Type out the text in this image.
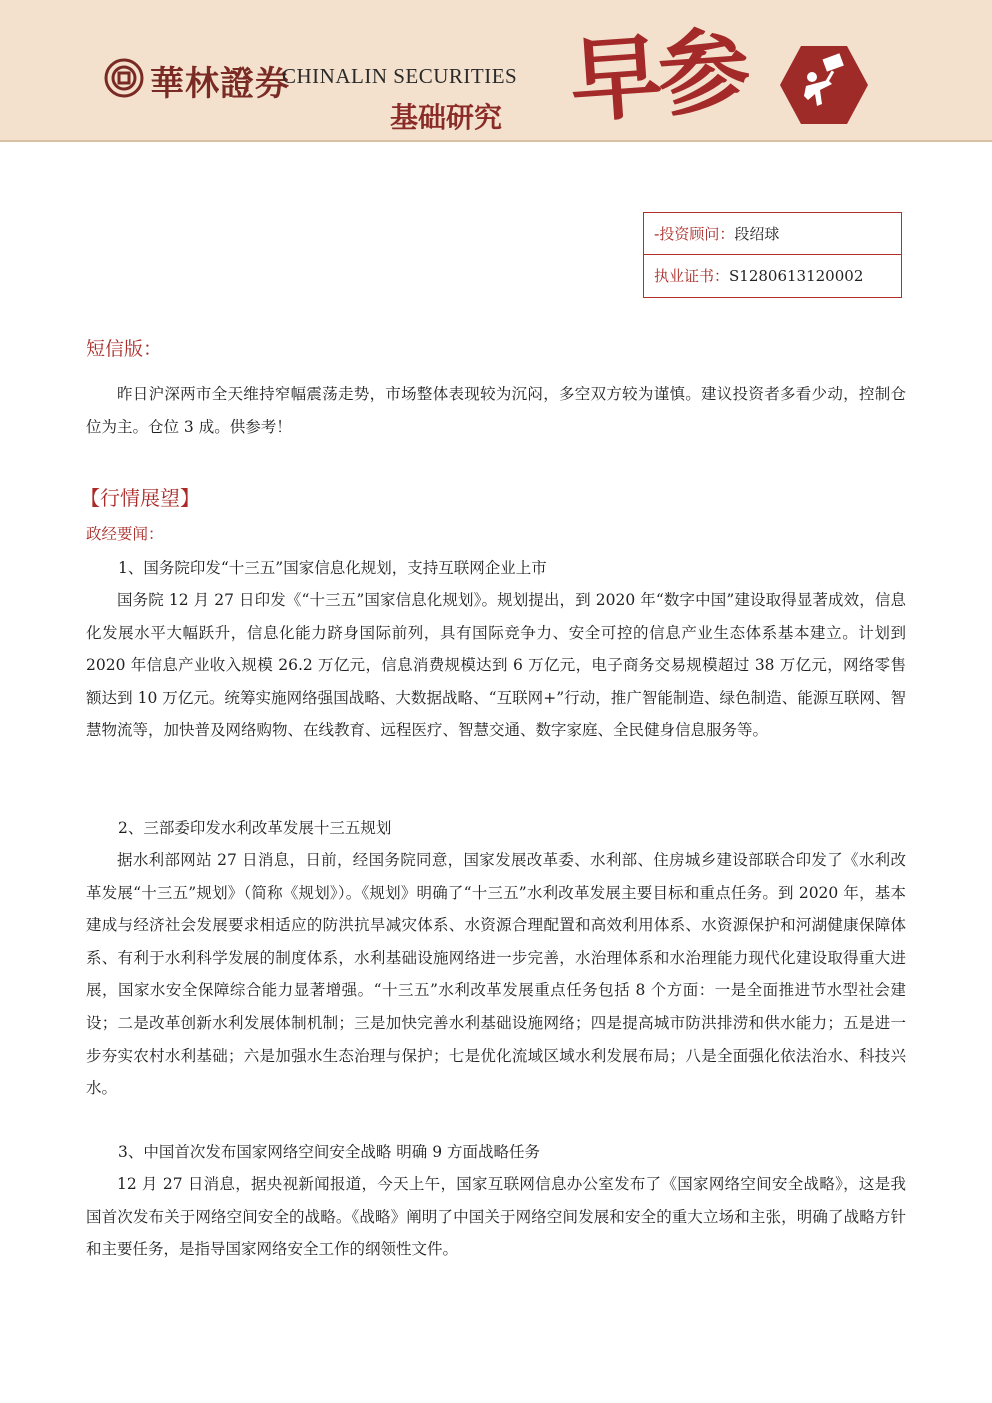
華林證券
CHINALIN SECURITIES
基础研究 早参
-投资顾问：段绍球
执业证书：S1280613120002
短信版：

昨日沪深两市全天维持窄幅震荡走势，市场整体表现较为沉闷，多空双方较为谨慎。建议投资者多看少动，控制仓位为主。仓位 3 成。供参考！

【行情展望】
政经要闻：
1、国务院印发“十三五”国家信息化规划，支持互联网企业上市

国务院 12 月 27 日印发《“十三五”国家信息化规划》。规划提出，到 2020 年“数字中国”建设取得显著成效，信息化发展水平大幅跃升，信息化能力跻身国际前列，具有国际竞争力、安全可控的信息产业生态体系基本建立。计划到 2020 年信息产业收入规模 26.2 万亿元，信息消费规模达到 6 万亿元，电子商务交易规模超过 38 万亿元，网络零售额达到 10 万亿元。统筹实施网络强国战略、大数据战略、“互联网+”行动，推广智能制造、绿色制造、能源互联网、智慧物流等，加快普及网络购物、在线教育、远程医疗、智慧交通、数字家庭、全民健身信息服务等。

2、三部委印发水利改革发展十三五规划

据水利部网站 27 日消息，日前，经国务院同意，国家发展改革委、水利部、住房城乡建设部联合印发了《水利改革发展“十三五”规划》（简称《规划》）。《规划》明确了“十三五”水利改革发展主要目标和重点任务。到 2020 年，基本建成与经济社会发展要求相适应的防洪抗旱减灾体系、水资源合理配置和高效利用体系、水资源保护和河湖健康保障体系、有利于水利科学发展的制度体系，水利基础设施网络进一步完善，水治理体系和水治理能力现代化建设取得重大进展，国家水安全保障综合能力显著增强。“十三五”水利改革发展重点任务包括 8 个方面：一是全面推进节水型社会建设；二是改革创新水利发展体制机制；三是加快完善水利基础设施网络；四是提高城市防洪排涝和供水能力；五是进一步夯实农村水利基础；六是加强水生态治理与保护；七是优化流域区域水利发展布局；八是全面强化依法治水、科技兴水。

3、中国首次发布国家网络空间安全战略 明确 9 方面战略任务

12 月 27 日消息，据央视新闻报道，今天上午，国家互联网信息办公室发布了《国家网络空间安全战略》，这是我国首次发布关于网络空间安全的战略。《战略》阐明了中国关于网络空间发展和安全的重大立场和主张，明确了战略方针和主要任务，是指导国家网络安全工作的纲领性文件。
